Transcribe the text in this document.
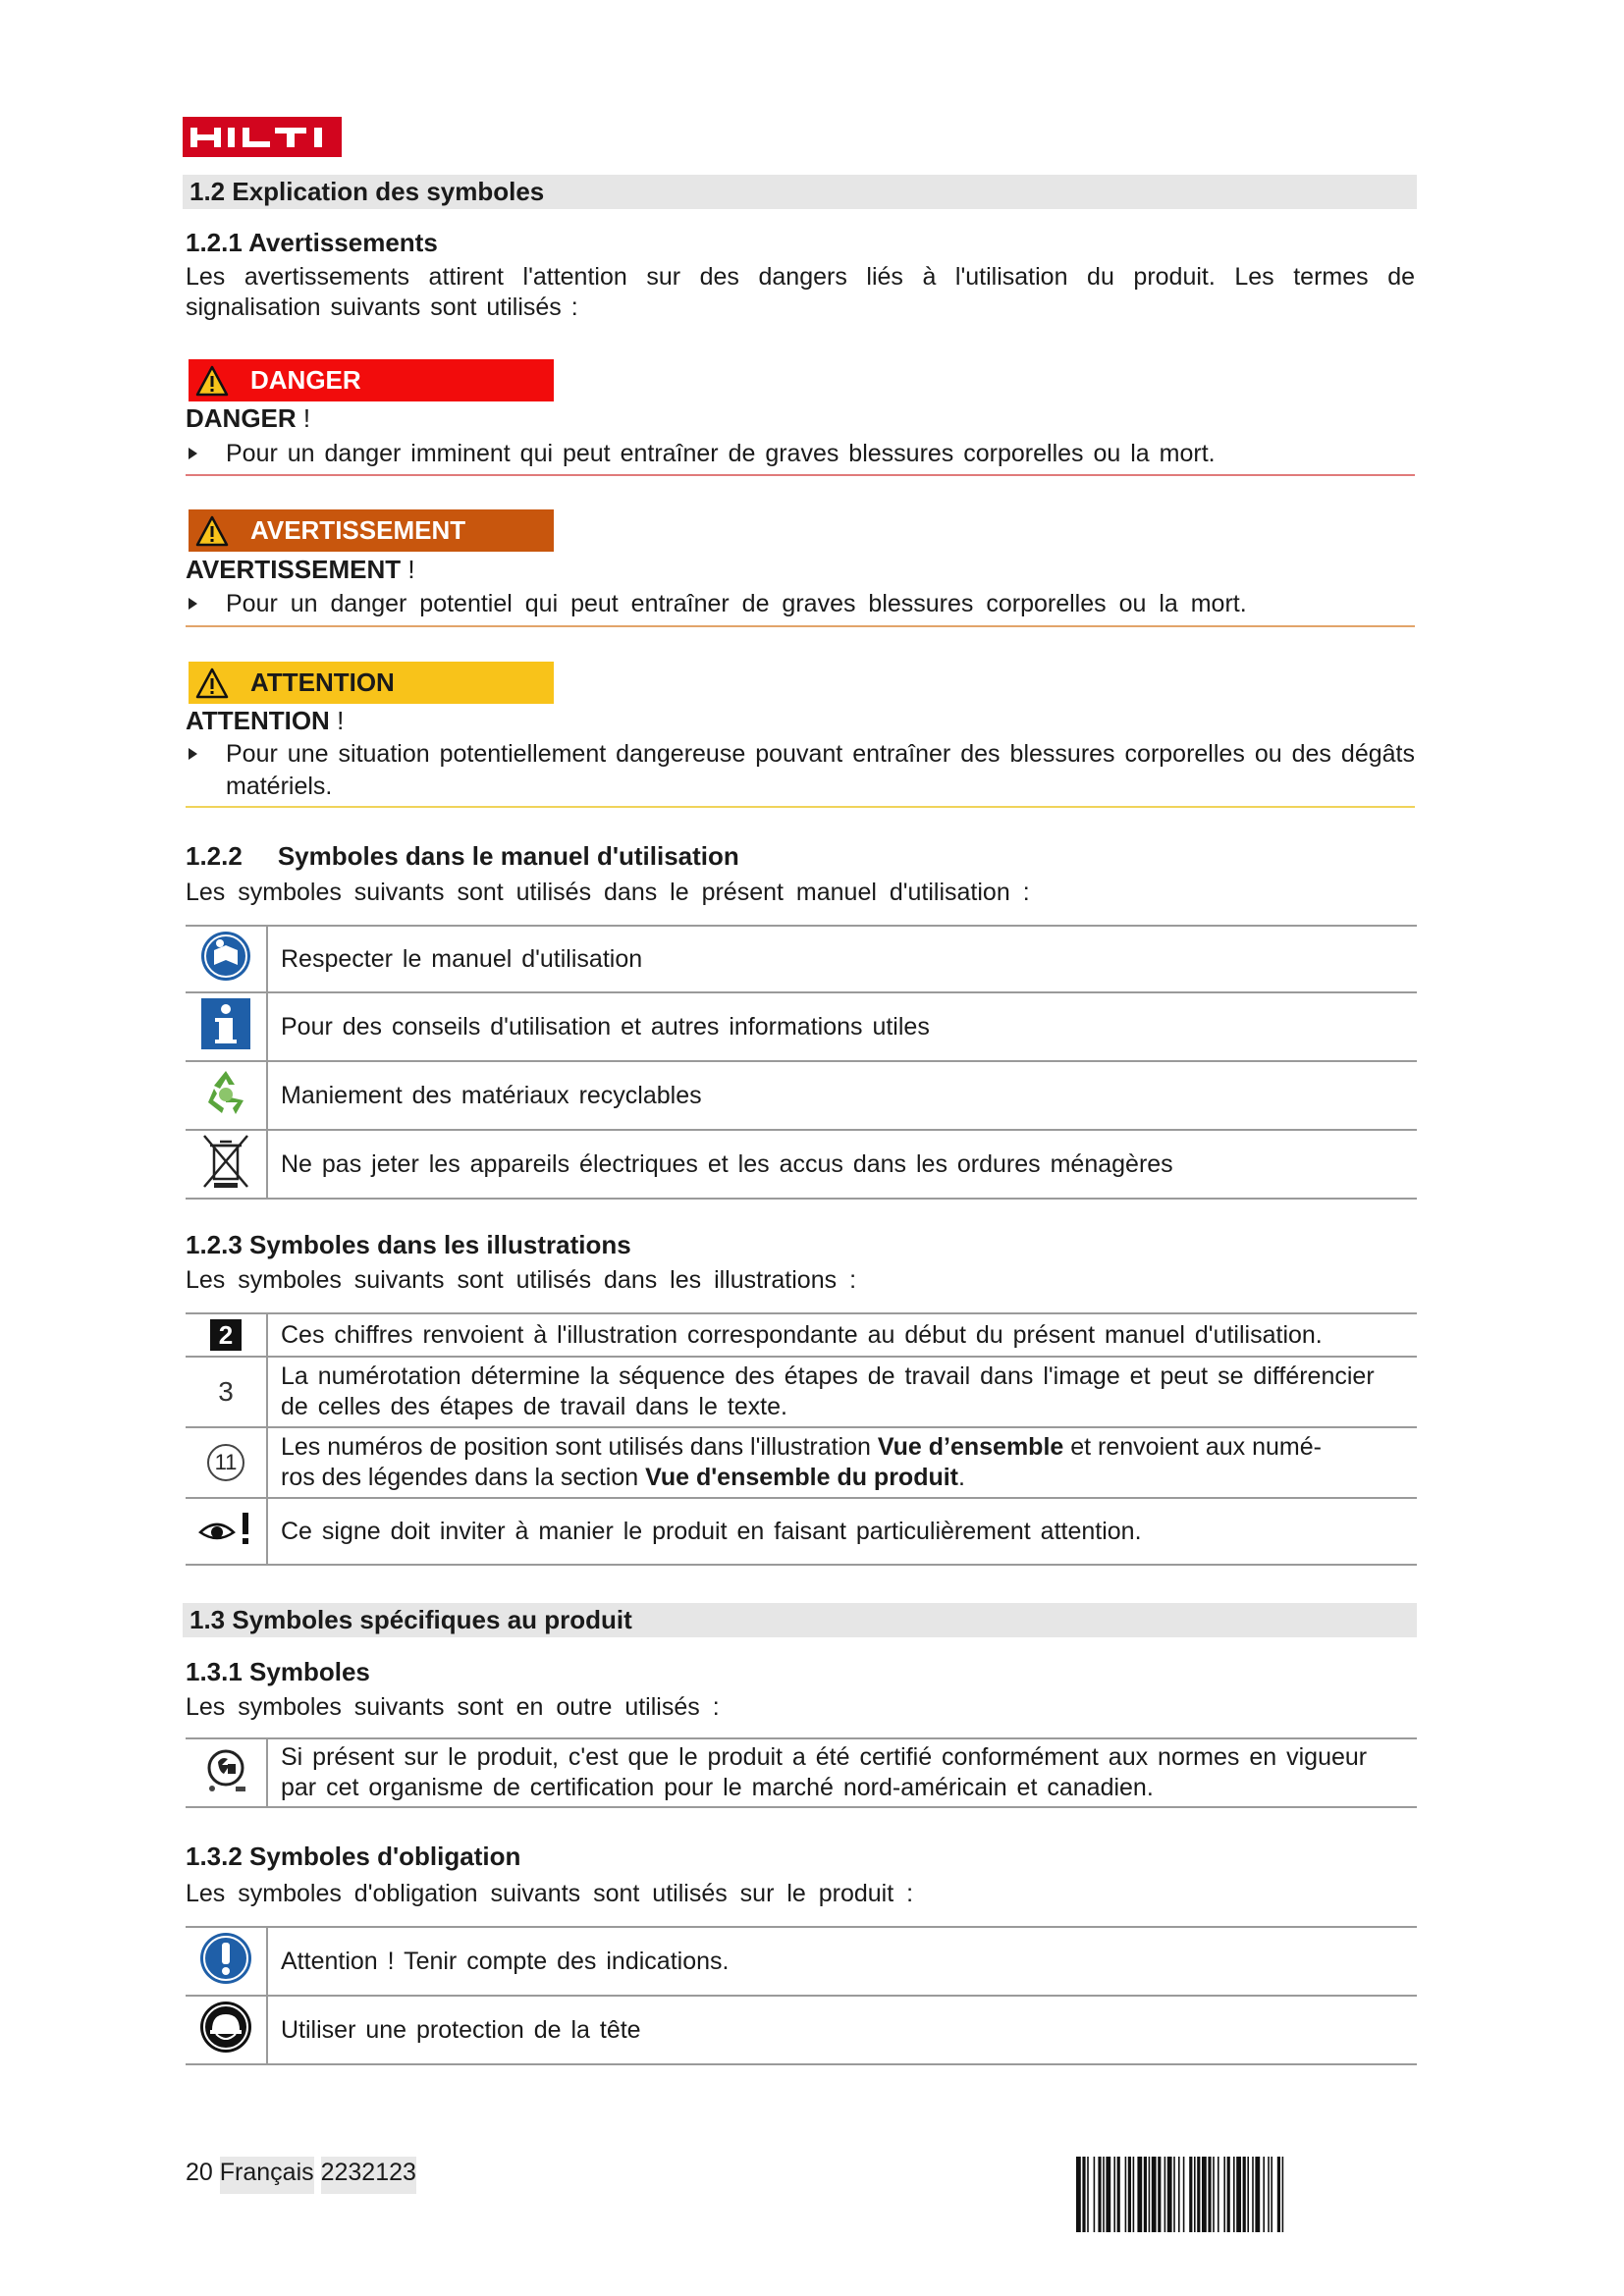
1.2 Explication des symboles
1.2.1 Avertissements
Les avertissements attirent l'attention sur des dangers liés à l'utilisation du produit. Les termes de
signalisation suivants sont utilisés :
DANGER
DANGER !
Pour un danger imminent qui peut entraîner de graves blessures corporelles ou la mort.
AVERTISSEMENT
AVERTISSEMENT !
Pour un danger potentiel qui peut entraîner de graves blessures corporelles ou la mort.
ATTENTION
ATTENTION !
Pour une situation potentiellement dangereuse pouvant entraîner des blessures corporelles ou des dégâts matériels.
1.2.2 Symboles dans le manuel d'utilisation
Les symboles suivants sont utilisés dans le présent manuel d'utilisation :
	Respecter le manuel d'utilisation
	Pour des conseils d'utilisation et autres informations utiles
	Maniement des matériaux recyclables
	Ne pas jeter les appareils électriques et les accus dans les ordures ménagères
1.2.3 Symboles dans les illustrations
Les symboles suivants sont utilisés dans les illustrations :
2	Ces chiffres renvoient à l'illustration correspondante au début du présent manuel d'utilisation.
3	La numérotation détermine la séquence des étapes de travail dans l'image et peut se différencier
de celles des étapes de travail dans le texte.

11	Les numéros de position sont utilisés dans l'illustration Vue d’ensemble et renvoient aux numé-
ros des légendes dans la section Vue d'ensemble du produit.

	Ce signe doit inviter à manier le produit en faisant particulièrement attention.
1.3 Symboles spécifiques au produit
1.3.1 Symboles
Les symboles suivants sont en outre utilisés :

Si présent sur le produit, c'est que le produit a été certifié conformément aux normes en vigueur
par cet organisme de certification pour le marché nord-américain et canadien.
1.3.2 Symboles d'obligation
Les symboles d'obligation suivants sont utilisés sur le produit :
	Attention ! Tenir compte des indications.
	Utiliser une protection de la tête
20 Français 2232123
